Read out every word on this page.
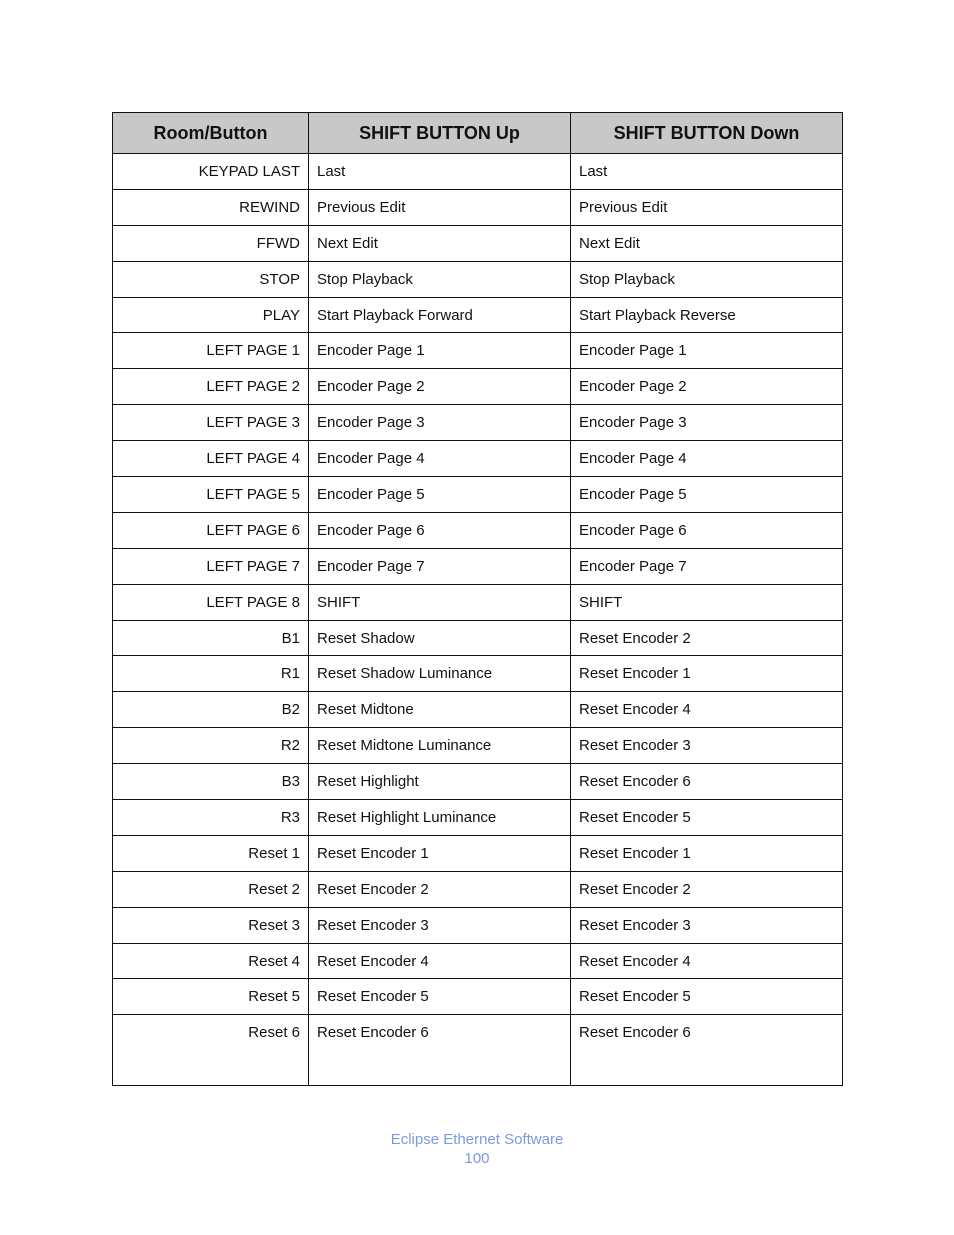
Room/Button	SHIFT BUTTON Up	SHIFT BUTTON Down
KEYPAD LAST	Last	Last
REWIND	Previous Edit	Previous Edit
FFWD	Next Edit	Next Edit
STOP	Stop Playback	Stop Playback
PLAY	Start Playback Forward	Start Playback Reverse
LEFT PAGE 1	Encoder Page 1	Encoder Page 1
LEFT PAGE 2	Encoder Page 2	Encoder Page 2
LEFT PAGE 3	Encoder Page 3	Encoder Page 3
LEFT PAGE 4	Encoder Page 4	Encoder Page 4
LEFT PAGE 5	Encoder Page 5	Encoder Page 5
LEFT PAGE 6	Encoder Page 6	Encoder Page 6
LEFT PAGE 7	Encoder Page 7	Encoder Page 7
LEFT PAGE 8	SHIFT	SHIFT
B1	Reset Shadow	Reset Encoder 2
R1	Reset Shadow Luminance	Reset Encoder 1
B2	Reset Midtone	Reset Encoder 4
R2	Reset Midtone Luminance	Reset Encoder 3
B3	Reset Highlight	Reset Encoder 6
R3	Reset Highlight Luminance	Reset Encoder 5
Reset 1	Reset Encoder 1	Reset Encoder 1
Reset 2	Reset Encoder 2	Reset Encoder 2
Reset 3	Reset Encoder 3	Reset Encoder 3
Reset 4	Reset Encoder 4	Reset Encoder 4
Reset 5	Reset Encoder 5	Reset Encoder 5
Reset 6	Reset Encoder 6	Reset Encoder 6
Eclipse Ethernet Software
100
